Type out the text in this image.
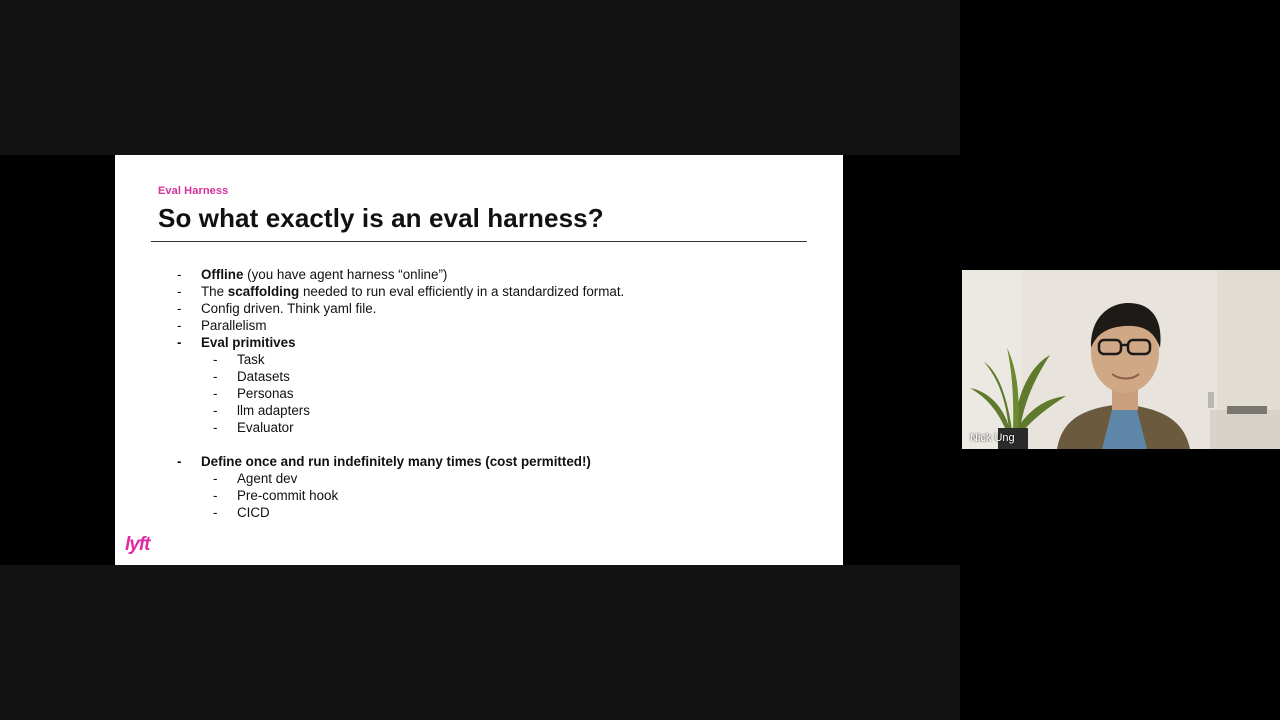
Eval Harness
So what exactly is an eval harness?
- Offline (you have agent harness “online”)
- The scaffolding needed to run eval efficiently in a standardized format.
- Config driven. Think yaml file.
- Parallelism
- Eval primitives
- Task
- Datasets
- Personas
- llm adapters
- Evaluator
- Define once and run indefinitely many times (cost permitted!)
- Agent dev
- Pre-commit hook
- CICD
lyft
Nick Ung
